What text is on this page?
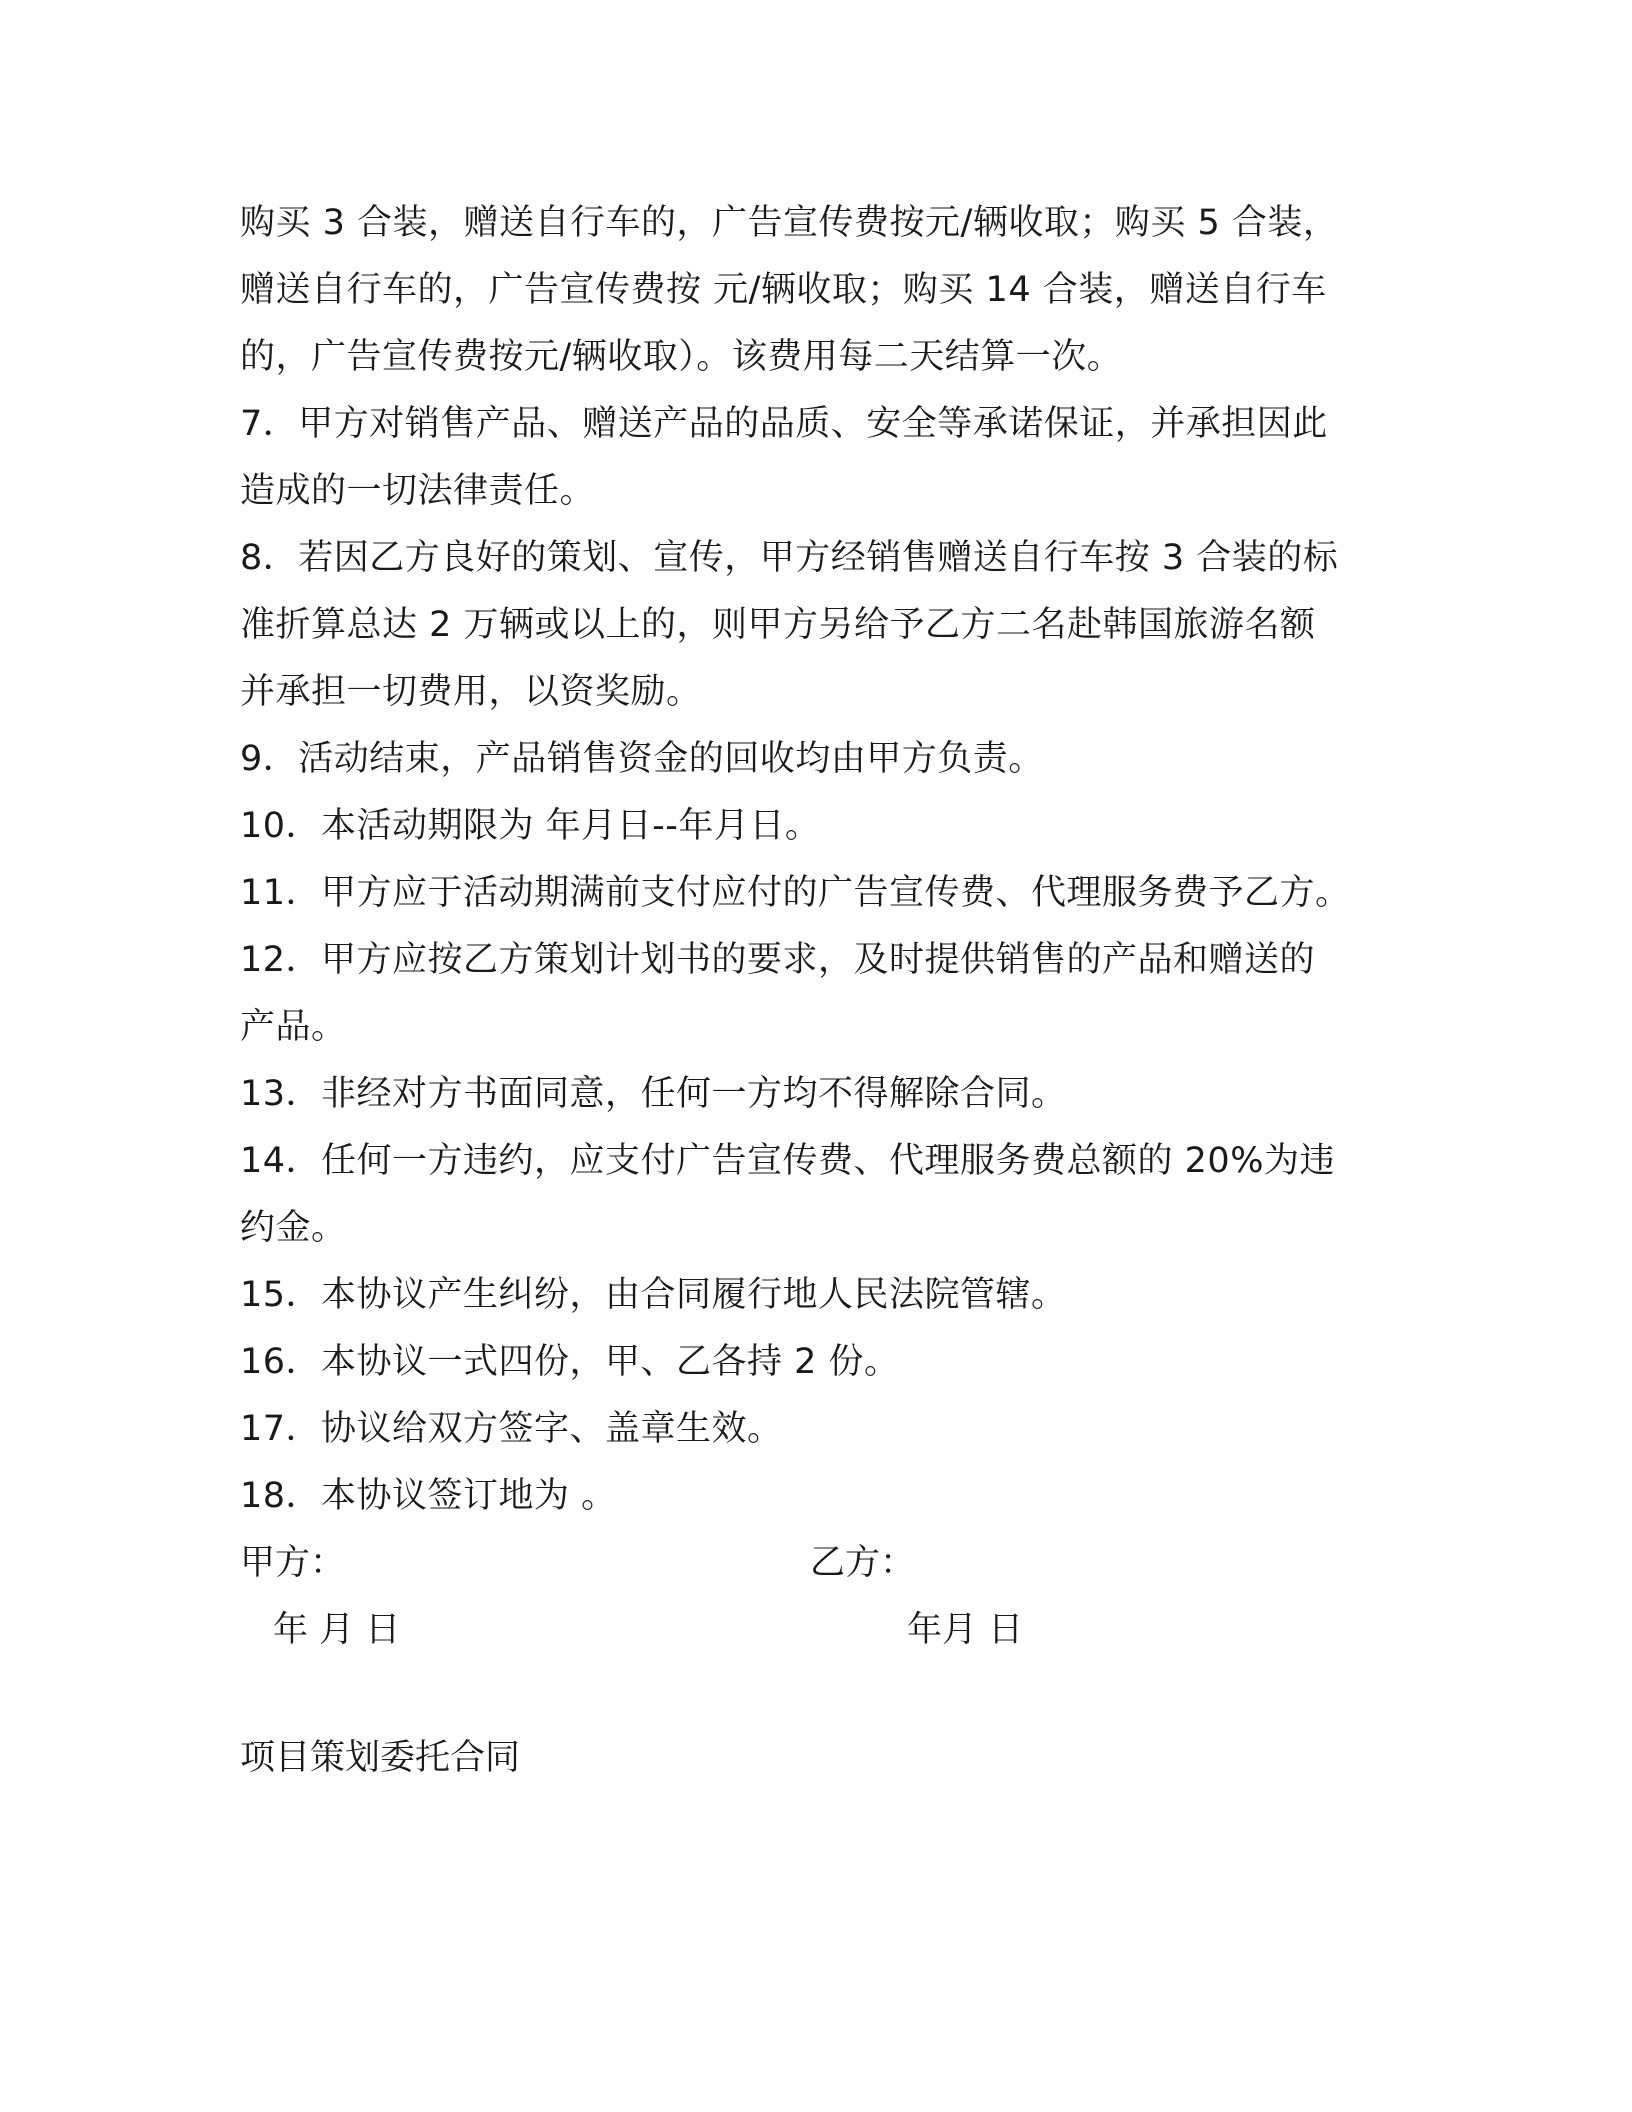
购买 3 合装，赠送自行车的，广告宣传费按元/辆收取；购买 5 合装，

赠送自行车的，广告宣传费按 元/辆收取；购买 14 合装，赠送自行车

的，广告宣传费按元/辆收取）。该费用每二天结算一次。

7．甲方对销售产品、赠送产品的品质、安全等承诺保证，并承担因此

造成的一切法律责任。

8．若因乙方良好的策划、宣传，甲方经销售赠送自行车按 3 合装的标

准折算总达 2 万辆或以上的，则甲方另给予乙方二名赴韩国旅游名额

并承担一切费用，以资奖励。

9．活动结束，产品销售资金的回收均由甲方负责。

10．本活动期限为 年月日--年月日。

11．甲方应于活动期满前支付应付的广告宣传费、代理服务费予乙方。

12．甲方应按乙方策划计划书的要求，及时提供销售的产品和赠送的

产品。

13．非经对方书面同意，任何一方均不得解除合同。

14．任何一方违约，应支付广告宣传费、代理服务费总额的 20%为违

约金。

15．本协议产生纠纷，由合同履行地人民法院管辖。

16．本协议一式四份，甲、乙各持 2 份。

17．协议给双方签字、盖章生效。

18．本协议签订地为 。

甲方：	乙方：
年 月 日	年月 日
项目策划委托合同
